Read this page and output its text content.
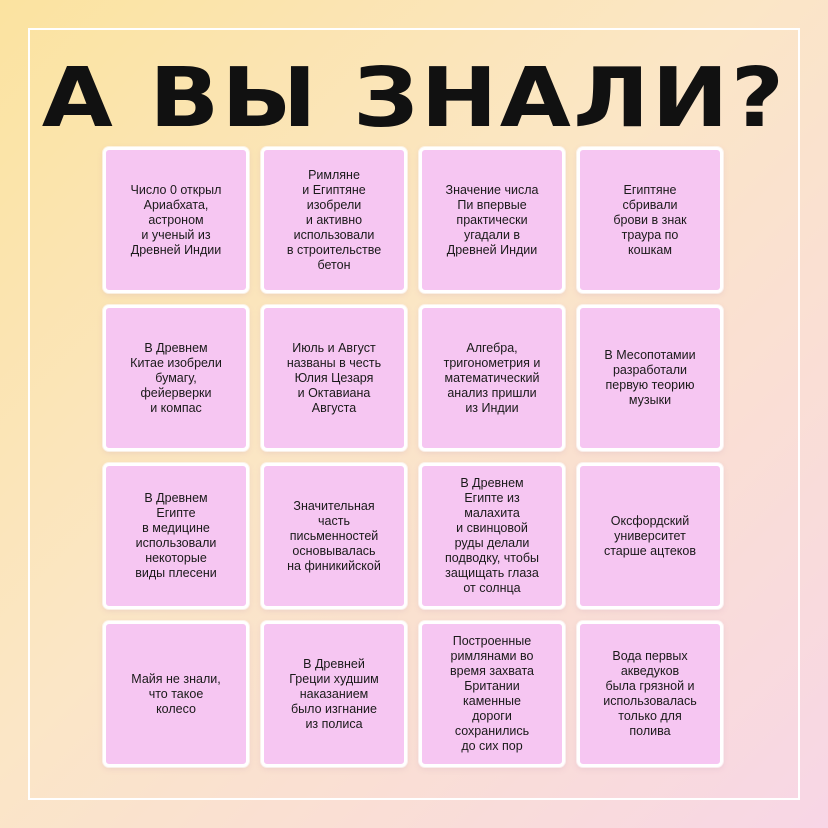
А ВЫ ЗНАЛИ?
Число 0 открыл
Ариабхата,
астроном
и ученый из
Древней Индии
Римляне
и Египтяне
изобрели
и активно
использовали
в строительстве
бетон
Значение числа
Пи впервые
практически
угадали в
Древней Индии
Египтяне
сбривали
брови в знак
траура по
кошкам
В Древнем
Китае изобрели
бумагу,
фейерверки
и компас
Июль и Август
названы в честь
Юлия Цезаря
и Октавиана
Августа
Алгебра,
тригонометрия и
математический
анализ пришли
из Индии
В Месопотамии
разработали
первую теорию
музыки
В Древнем
Египте
в медицине
использовали
некоторые
виды плесени
Значительная
часть
письменностей
основывалась
на финикийской
В Древнем
Египте из
малахита
и свинцовой
руды делали
подводку, чтобы
защищать глаза
от солнца
Оксфордский
университет
старше ацтеков
Майя не знали,
что такое
колесо
В Древней
Греции худшим
наказанием
было изгнание
из полиса
Построенные
римлянами во
время захвата
Британии
каменные
дороги
сохранились
до сих пор
Вода первых
акведуков
была грязной и
использовалась
только для
полива
